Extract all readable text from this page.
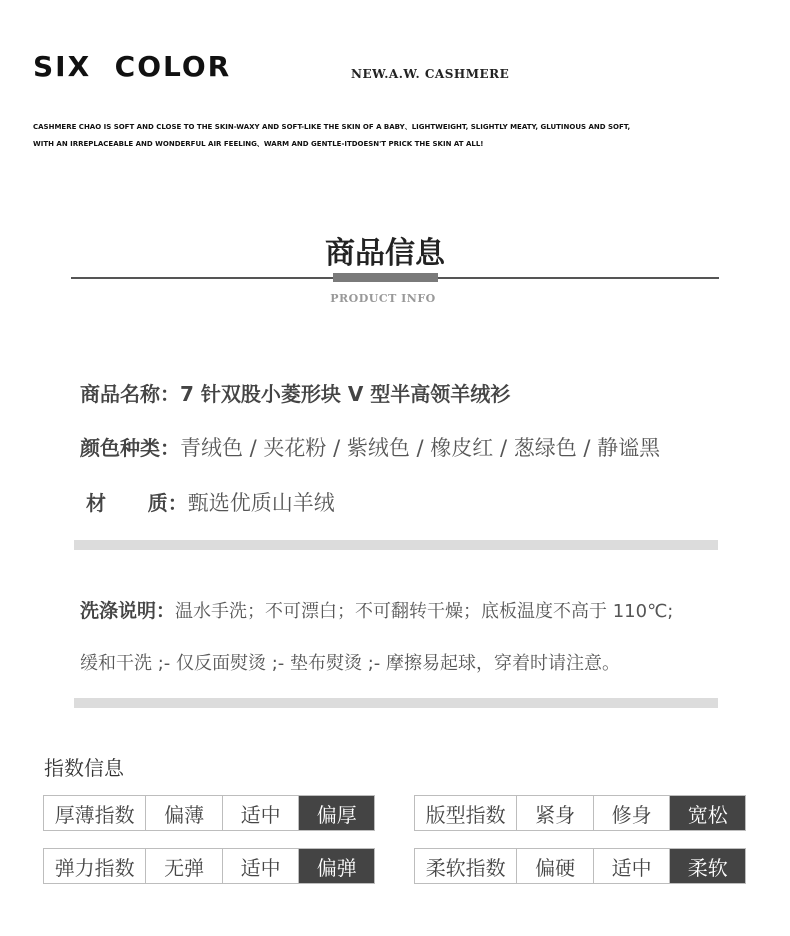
SIX  COLOR	NEW.A.W. CASHMERE
CASHMERE CHAO IS SOFT AND CLOSE TO THE SKIN-WAXY AND SOFT-LIKE THE SKIN OF A BABY、LIGHTWEIGHT, SLIGHTLY MEATY, GLUTINOUS AND SOFT,
WITH AN IRREPLACEABLE AND WONDERFUL AIR FEELING、WARM AND GENTLE-ITDOESN'T PRICK THE SKIN AT ALL!
商品信息
PRODUCT INFO
商品名称：7 针双股小菱形块 V 型半高领羊绒衫
颜色种类：青绒色 / 夹花粉 / 紫绒色 / 橡皮红 / 葱绿色 / 静谧黑
材      质：甄选优质山羊绒
洗涤说明：温水手洗；不可漂白；不可翻转干燥；底板温度不高于 110℃;
缓和干洗 ;- 仅反面熨烫 ;- 垫布熨烫 ;- 摩擦易起球，穿着时请注意。
指数信息
厚薄指数	偏薄	适中	偏厚	版型指数	紧身	修身	宽松
弹力指数	无弹	适中	偏弹	柔软指数	偏硬	适中	柔软
